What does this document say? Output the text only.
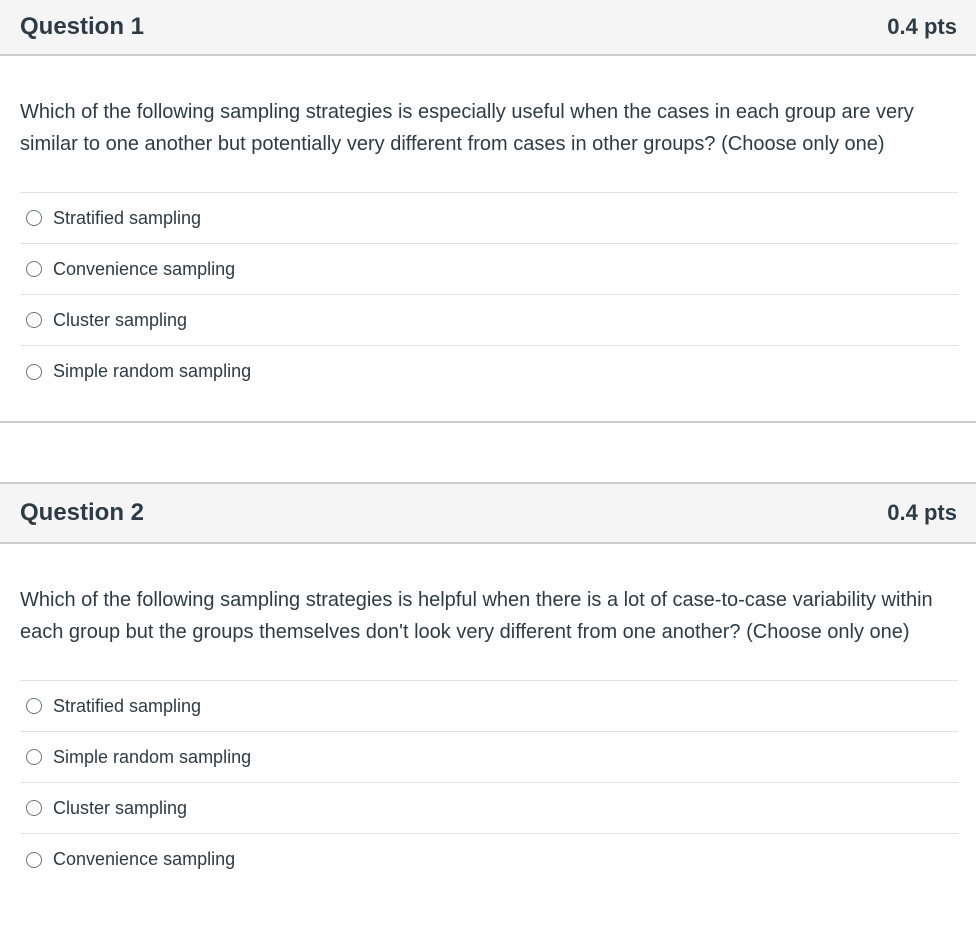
Question 1	0.4 pts

Which of the following sampling strategies is especially useful when the cases in each group are very similar to one another but potentially very different from cases in other groups? (Choose only one)

Stratified sampling
Convenience sampling
Cluster sampling
Simple random sampling
Question 2	0.4 pts

Which of the following sampling strategies is helpful when there is a lot of case-to-case variability within each group but the groups themselves don't look very different from one another? (Choose only one)

Stratified sampling
Simple random sampling
Cluster sampling
Convenience sampling
